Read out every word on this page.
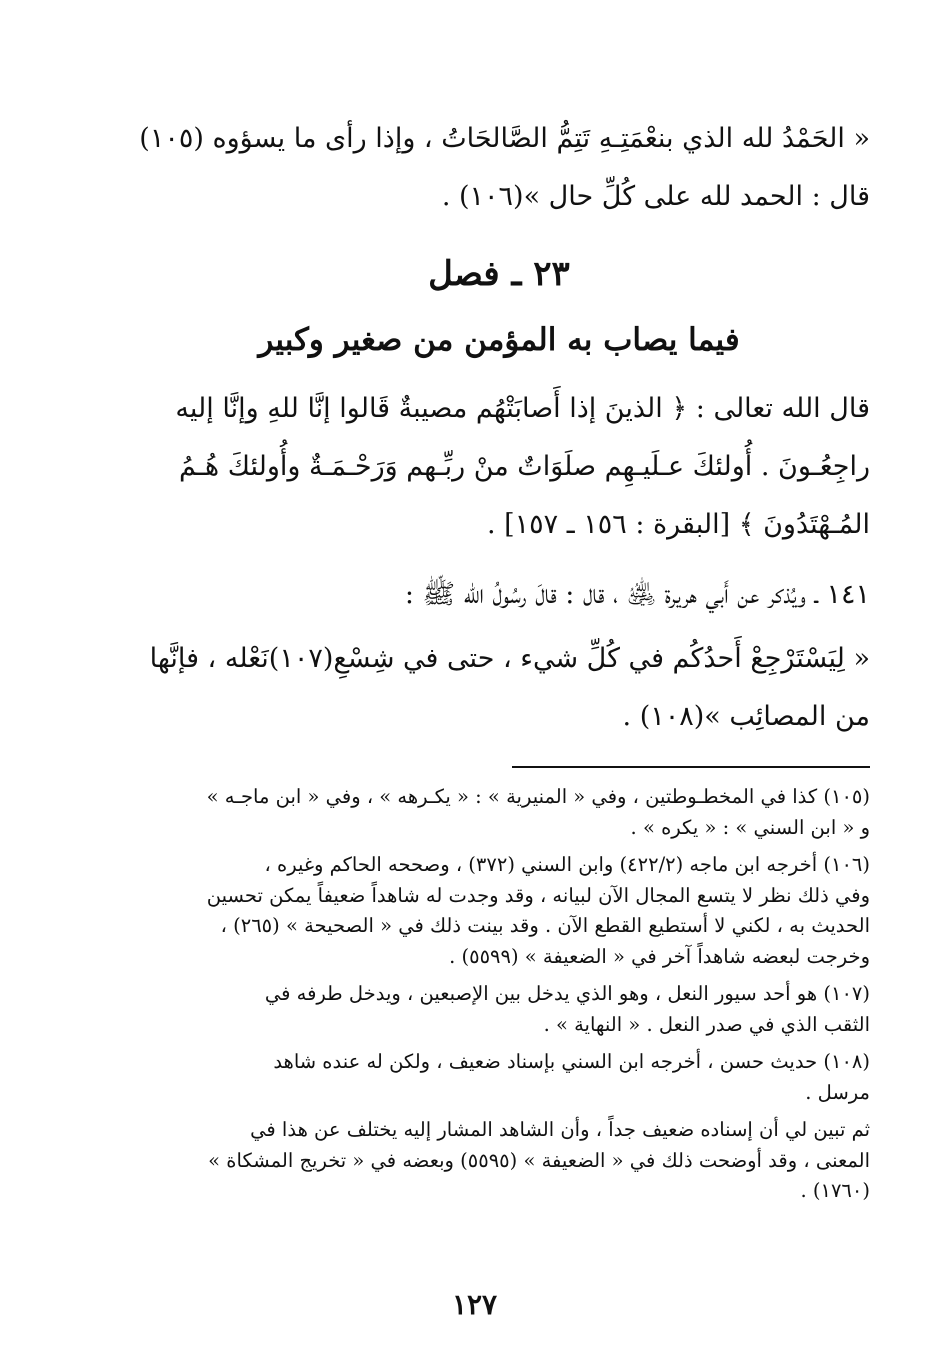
« الحَمْدُ لله الذي بنعْمَتِـهِ تَتِمُّ الصَّالحَاتُ ، وإذا رأى ما يسؤوه (١٠٥)
قال : الحمد لله على كُلِّ حال »(١٠٦) .
٢٣ ـ فصل
فيما يصاب به المؤمن من صغير وكبير
قال الله تعالى : ﴿ الذينَ إذا أَصابَتْهُم مصيبةٌ قَالوا إنَّا للهِ وإنَّا إليه
راجِعُـونَ . أُولئكَ عـلَيـهِم صلَوَاتٌ منْ ربِّـهم وَرَحْـمَـةٌ وأُولئكَ هُـمُ
المُـهْتَدُونَ ﴾ [البقرة : ١٥٦ ـ ١٥٧] .
١٤١ ـ ويُذكر عن أَبي هريرة ﵁ ، قال : قالَ رسُولُ الله ﷺ :
« لِيَسْتَرْجِعْ أَحدُكُم في كُلِّ شيء ، حتى في شِسْعِ(١٠٧)نَعْله ، فإنَّها
من المصائِب »(١٠٨) .
(١٠٥) كذا في المخطـوطتين ، وفي « المنيرية » : « يكـرهه » ، وفي « ابن ماجـه »
و « ابن السني » : « يكره » .
(١٠٦) أخرجه ابن ماجه (٤٢٢/٢) وابن السني (٣٧٢) ، وصححه الحاكم وغيره ،
وفي ذلك نظر لا يتسع المجال الآن لبيانه ، وقد وجدت له شاهداً ضعيفاً يمكن تحسين
الحديث به ، لكني لا أستطيع القطع الآن . وقد بينت ذلك في « الصحيحة » (٢٦٥) ،
وخرجت لبعضه شاهداً آخر في « الضعيفة » (٥٥٩٩) .
(١٠٧) هو أحد سيور النعل ، وهو الذي يدخل بين الإصبعين ، ويدخل طرفه في
الثقب الذي في صدر النعل . « النهاية » .
(١٠٨) حديث حسن ، أخرجه ابن السني بإسناد ضعيف ، ولكن له عنده شاهد
مرسل .
ثم تبين لي أن إسناده ضعيف جداً ، وأن الشاهد المشار إليه يختلف عن هذا في
المعنى ، وقد أوضحت ذلك في « الضعيفة » (٥٥٩٥) وبعضه في « تخريج المشكاة »
(١٧٦٠) .
١٢٧
